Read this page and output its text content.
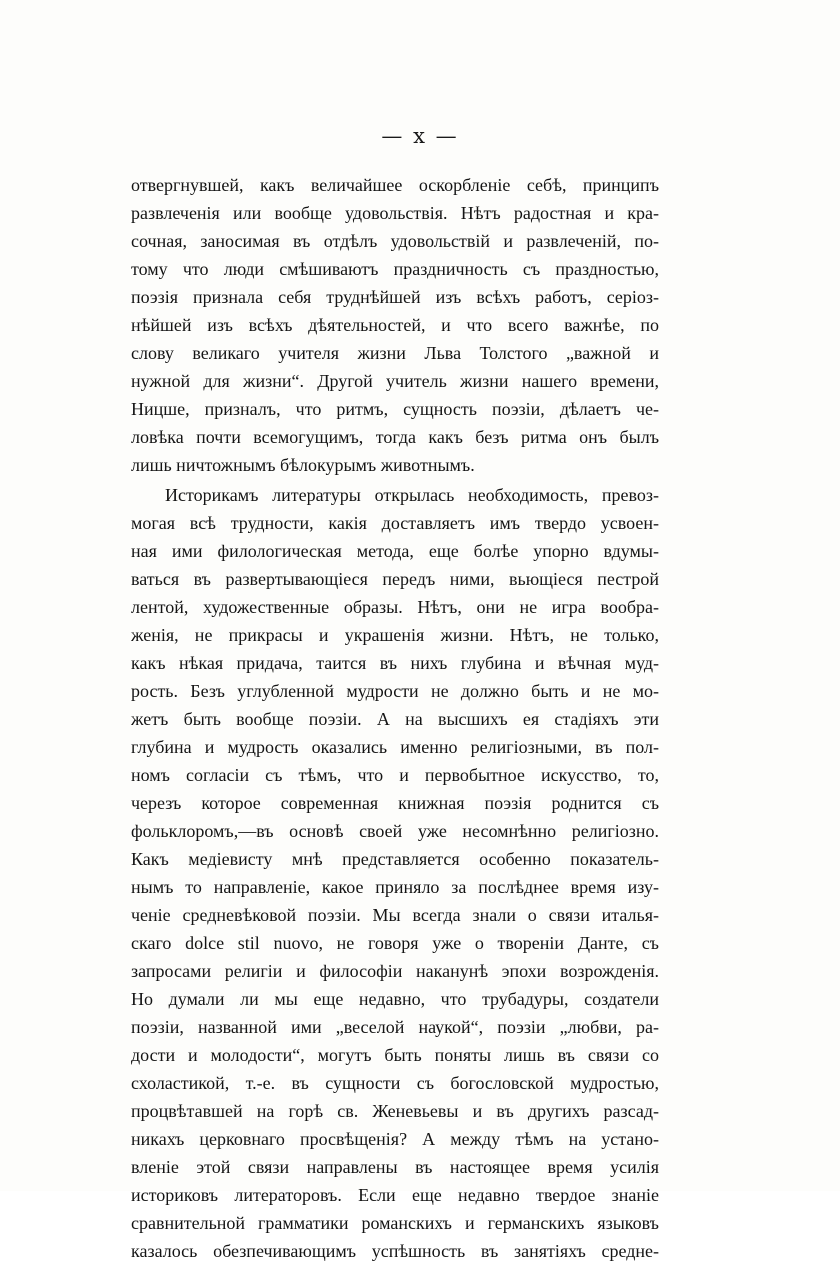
— x —
отвергнувшей, какъ величайшее оскорбленіе себѣ, принципъ
развлеченія или вообще удовольствія. Нѣтъ радостная и кра-
сочная, заносимая въ отдѣлъ удовольствій и развлеченій, по-
тому что люди смѣшиваютъ праздничность съ праздностью,
поэзія признала себя труднѣйшей изъ всѣхъ работъ, серіоз-
нѣйшей изъ всѣхъ дѣятельностей, и что всего важнѣе, по
слову великаго учителя жизни Льва Толстого „важной и
нужной для жизни“. Другой учитель жизни нашего времени,
Ницше, призналъ, что ритмъ, сущность поэзіи, дѣлаетъ че-
ловѣка почти всемогущимъ, тогда какъ безъ ритма онъ былъ
лишь ничтожнымъ бѣлокурымъ животнымъ.
Историкамъ литературы открылась необходимость, превоз-
могая всѣ трудности, какія доставляетъ имъ твердо усвоен-
ная ими филологическая метода, еще болѣе упорно вдумы-
ваться въ развертывающіеся передъ ними, вьющіеся пестрой
лентой, художественные образы. Нѣтъ, они не игра вообра-
женія, не прикрасы и украшенія жизни. Нѣтъ, не только,
какъ нѣкая придача, таится въ нихъ глубина и вѣчная муд-
рость. Безъ углубленной мудрости не должно быть и не мо-
жетъ быть вообще поэзіи. А на высшихъ ея стадіяхъ эти
глубина и мудрость оказались именно религіозными, въ пол-
номъ согласіи съ тѣмъ, что и первобытное искусство, то,
черезъ которое современная книжная поэзія роднится съ
фольклоромъ,—въ основѣ своей уже несомнѣнно религіозно.
Какъ медіевисту мнѣ представляется особенно показатель-
нымъ то направленіе, какое приняло за послѣднее время изу-
ченіе средневѣковой поэзіи. Мы всегда знали о связи италья-
скаго dolce stil nuovo, не говоря уже о твореніи Данте, съ
запросами религіи и философіи наканунѣ эпохи возрожденія.
Но думали ли мы еще недавно, что трубадуры, создатели
поэзіи, названной ими „веселой наукой“, поэзіи „любви, ра-
дости и молодости“, могутъ быть поняты лишь въ связи со
схоластикой, т.-е. въ сущности съ богословской мудростью,
процвѣтавшей на горѣ св. Женевьевы и въ другихъ разсад-
никахъ церковнаго просвѣщенія? А между тѣмъ на устано-
вленіе этой связи направлены въ настоящее время усилія
историковъ литераторовъ. Если еще недавно твердое знаніе
сравнительной грамматики романскихъ и германскихъ языковъ
казалось обезпечивающимъ успѣшность въ занятіяхъ средне-
